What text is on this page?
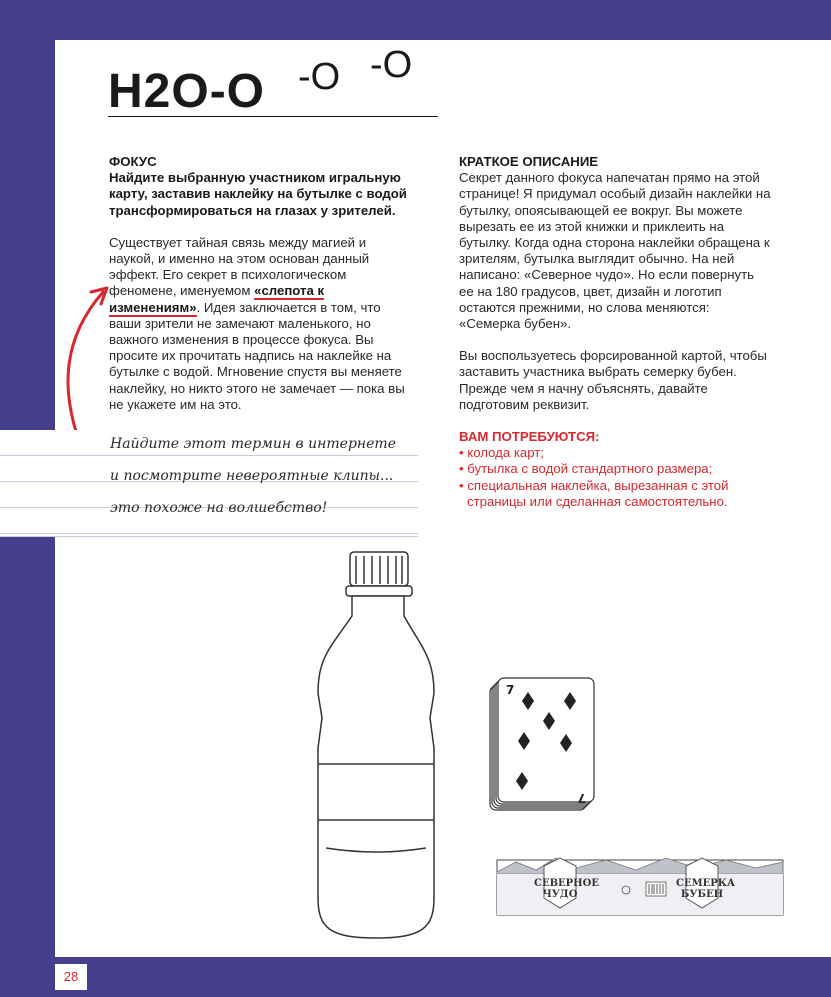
28
H2O-O -O -O
ФОКУС

Найдите выбранную участником игральную карту, заставив наклейку на бутылке с водой трансформироваться на глазах у зрителей.

Существует тайная связь между магией и наукой, и именно на этом основан данный эффект. Его секрет в психологическом феномене, именуемом «слепота к изменениям». Идея заключается в том, что ваши зрители не замечают маленького, но важного изменения в процессе фокуса. Вы просите их прочитать надпись на наклейке на бутылке с водой. Мгновение спустя вы меняете наклейку, но никто этого не замечает — пока вы не укажете им на это.

Найдите этот термин в интернете
и посмотрите невероятные клипы...
это похоже на волшебство!
КРАТКОЕ ОПИСАНИЕ

Секрет данного фокуса напечатан прямо на этой странице! Я придумал особый дизайн наклейки на бутылку, опоясывающей ее вокруг. Вы можете вырезать ее из этой книжки и приклеить на бутылку. Когда одна сторона наклейки обращена к зрителям, бутылка выглядит обычно. На ней написано: «Северное чудо». Но если повернуть ее на 180 градусов, цвет, дизайн и логотип остаются прежними, но слова меняются: «Семерка бубен».

Вы воспользуетесь форсированной картой, чтобы заставить участника выбрать семерку бубен. Прежде чем я начну объяснять, давайте подготовим реквизит.

ВАМ ПОТРЕБУЮТСЯ:
• колода карт;
• бутылка с водой стандартного размера;
• специальная наклейка, вырезанная с этой страницы или сделанная самостоятельно.
7
7
СЕВЕРНОЕ
ЧУДО
СЕМЕРКА
БУБЕН
